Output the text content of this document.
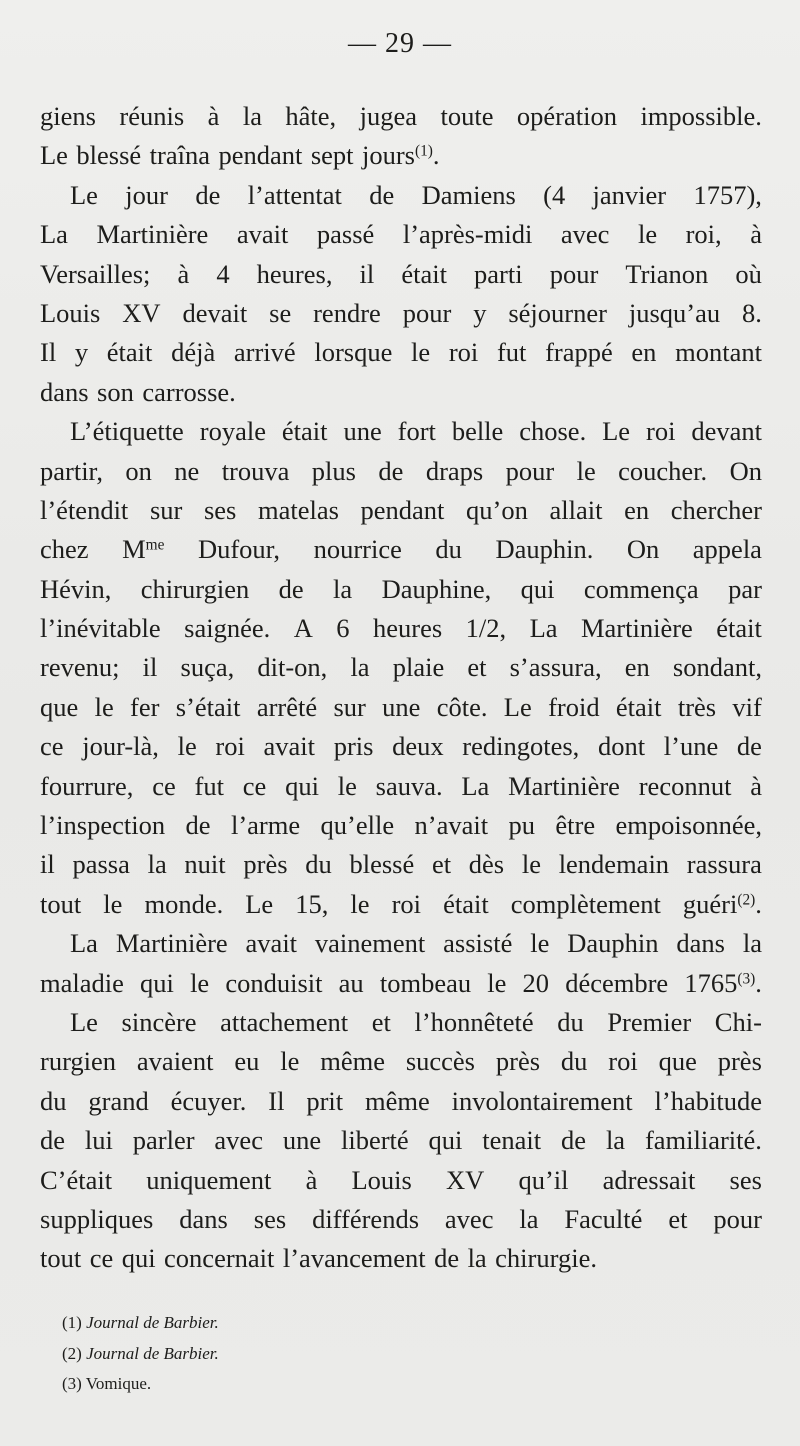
— 29 —
giens réunis à la hâte, jugea toute opération impossible.
Le blessé traîna pendant sept jours$^{(1)}$.
Le jour de l’attentat de Damiens (4 janvier 1757),
La Martinière avait passé l’après-midi avec le roi, à
Versailles; à 4 heures, il était parti pour Trianon où
Louis XV devait se rendre pour y séjourner jusqu’au 8.
Il y était déjà arrivé lorsque le roi fut frappé en montant
dans son carrosse.
L’étiquette royale était une fort belle chose. Le roi devant
partir, on ne trouva plus de draps pour le coucher. On
l’étendit sur ses matelas pendant qu’on allait en chercher
chez $M^{me}$ Dufour, nourrice du Dauphin. On appela
Hévin, chirurgien de la Dauphine, qui commença par
l’inévitable saignée. A 6 heures 1/2, La Martinière était
revenu; il suça, dit-on, la plaie et s’assura, en sondant,
que le fer s’était arrêté sur une côte. Le froid était très vif
ce jour-là, le roi avait pris deux redingotes, dont l’une de
fourrure, ce fut ce qui le sauva. La Martinière reconnut à
l’inspection de l’arme qu’elle n’avait pu être empoisonnée,
il passa la nuit près du blessé et dès le lendemain rassura
tout le monde. Le 15, le roi était complètement guéri$^{(2)}$.
La Martinière avait vainement assisté le Dauphin dans la
maladie qui le conduisit au tombeau le 20 décembre 1765$^{(3)}$.
Le sincère attachement et l’honnêteté du Premier Chi-
rurgien avaient eu le même succès près du roi que près
du grand écuyer. Il prit même involontairement l’habitude
de lui parler avec une liberté qui tenait de la familiarité.
C’était uniquement à Louis XV qu’il adressait ses
suppliques dans ses différends avec la Faculté et pour
tout ce qui concernait l’avancement de la chirurgie.
(1) Journal de Barbier.
(2) Journal de Barbier.
(3) Vomique.
